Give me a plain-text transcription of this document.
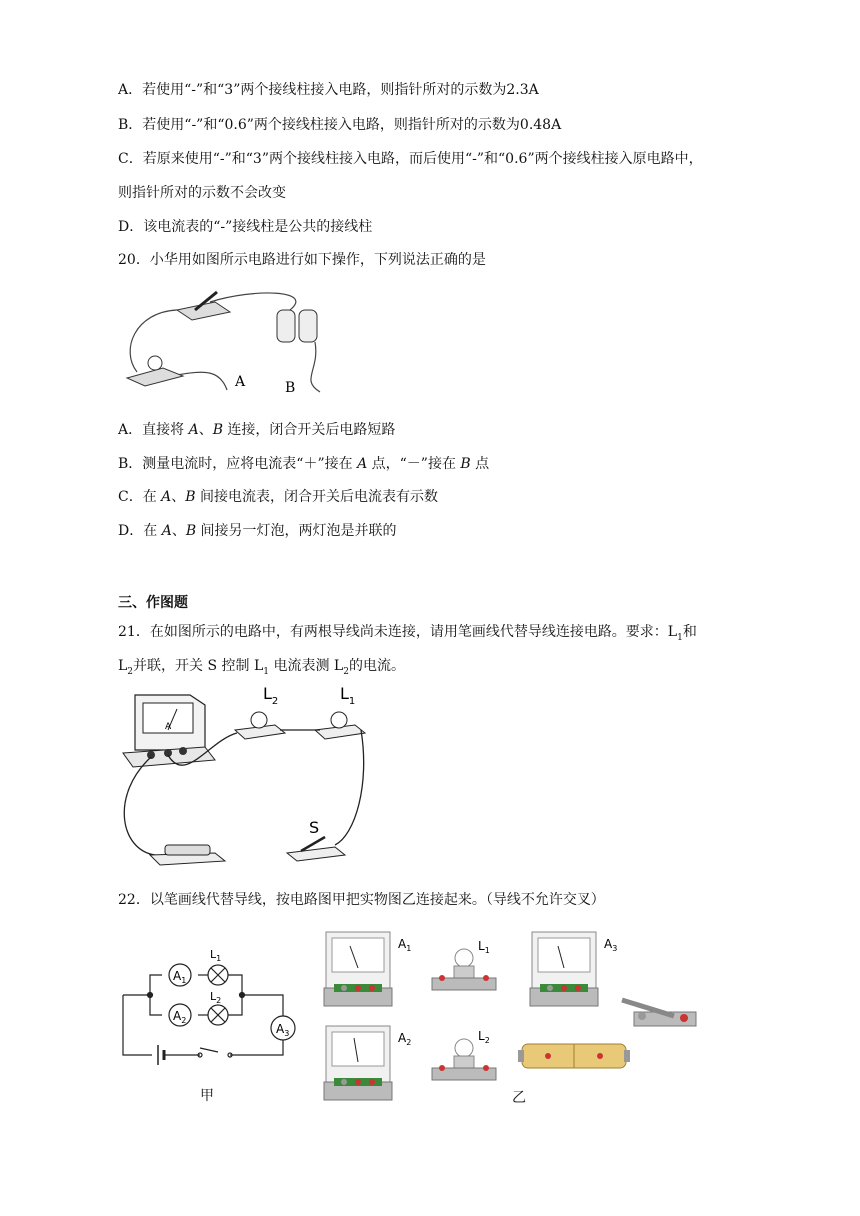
A．若使用“-”和“3”两个接线柱接入电路，则指针所对的示数为2.3A
B．若使用“-”和“0.6”两个接线柱接入电路，则指针所对的示数为0.48A
C．若原来使用“-”和“3”两个接线柱接入电路，而后使用“-”和“0.6”两个接线柱接入原电路中，
则指针所对的示数不会改变
D．该电流表的“-”接线柱是公共的接线柱
20．小华用如图所示电路进行如下操作，下列说法正确的是
A	B
A．直接将 A、B 连接，闭合开关后电路短路
B．测量电流时，应将电流表“＋”接在 A 点，“－”接在 B 点
C．在 A、B 间接电流表，闭合开关后电流表有示数
D．在 A、B 间接另一灯泡，两灯泡是并联的
三、作图题
21．在如图所示的电路中，有两根导线尚未连接，请用笔画线代替导线连接电路。要求：$L_1$和
$L_2$并联，开关 S 控制 $L_1$ 电流表测 $L_2$的电流。
A
$L_2$	$L_1$
S
22．以笔画线代替导线，按电路图甲把实物图乙连接起来。（导线不允许交叉）
$A_1$
$A_2$
$A_3$
$L_1$
$L_2$
甲	乙
$A_1$
$A_2$
$L_1$
$L_2$
$A_3$
